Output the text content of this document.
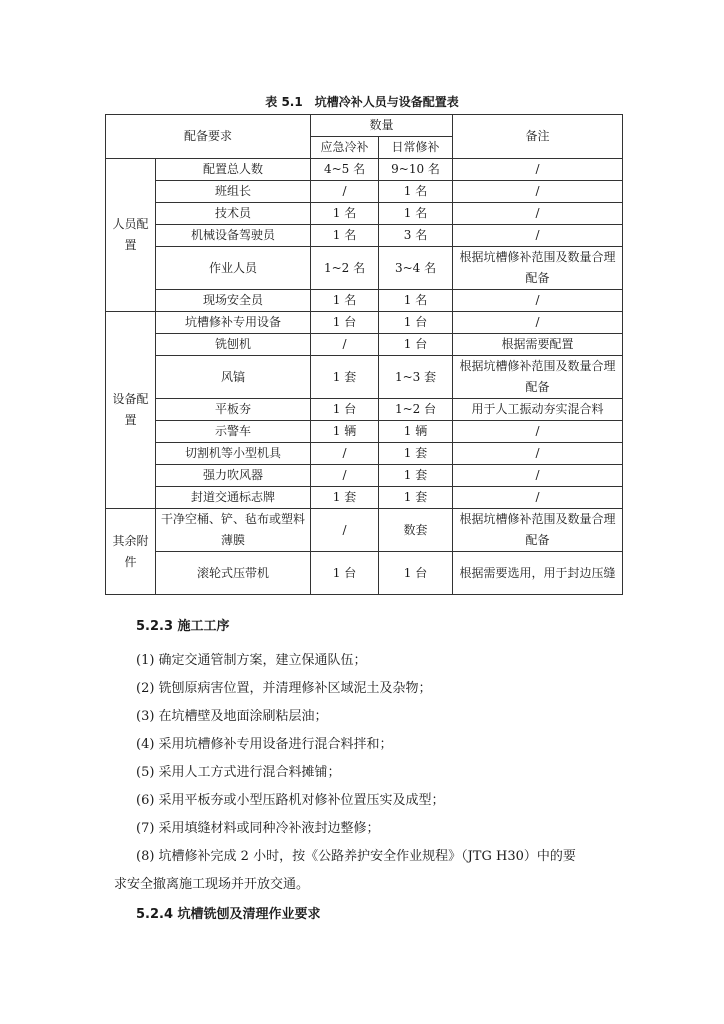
表 5.1　坑槽冷补人员与设备配置表
配备要求		数量		备注
		应急冷补	日常修补	
人员配置	配置总人数	4~5 名	9~10 名	/
	班组长	/	1 名	/
	技术员	1 名	1 名	/
	机械设备驾驶员	1 名	3 名	/
	作业人员	1~2 名	3~4 名	根据坑槽修补范围及数量合理配备
	现场安全员	1 名	1 名	/
设备配置	坑槽修补专用设备	1 台	1 台	/
	铣刨机	/	1 台	根据需要配置
	风镐	1 套	1~3 套	根据坑槽修补范围及数量合理配备
	平板夯	1 台	1~2 台	用于人工振动夯实混合料
	示警车	1 辆	1 辆	/
	切割机等小型机具	/	1 套	/
	强力吹风器	/	1 套	/
	封道交通标志牌	1 套	1 套	/
其余附件	干净空桶、铲、毡布或塑料薄膜	/	数套	根据坑槽修补范围及数量合理配备
	滚轮式压带机	1 台	1 台	根据需要选用，用于封边压缝
5.2.3 施工工序
(1) 确定交通管制方案，建立保通队伍；
(2) 铣刨原病害位置，并清理修补区域泥土及杂物；
(3) 在坑槽壁及地面涂刷粘层油；
(4) 采用坑槽修补专用设备进行混合料拌和；
(5) 采用人工方式进行混合料摊铺；
(6) 采用平板夯或小型压路机对修补位置压实及成型；
(7) 采用填缝材料或同种冷补液封边整修；
(8) 坑槽修补完成 2 小时，按《公路养护安全作业规程》（JTG H30）中的要
求安全撤离施工现场并开放交通。
5.2.4 坑槽铣刨及清理作业要求
